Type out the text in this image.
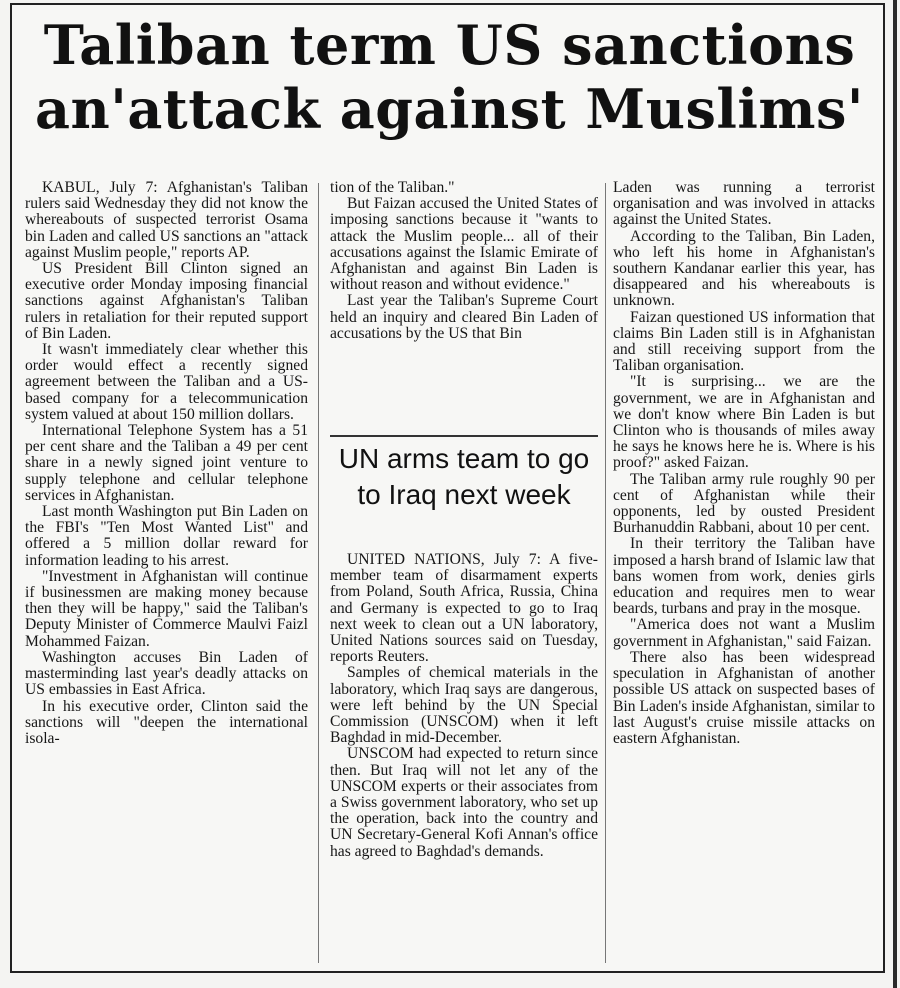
Taliban term US sanctions
an'attack against Muslims'

KABUL, July 7: Afghanistan's Taliban rulers said Wednesday they did not know the whereabouts of suspected terrorist Osama bin Laden and called US sanctions an "attack against Muslim people," reports AP.

US President Bill Clinton signed an executive order Monday imposing financial sanctions against Afghanistan's Taliban rulers in retaliation for their reputed support of Bin Laden.

It wasn't immediately clear whether this order would effect a recently signed agreement between the Taliban and a US-based company for a telecommunication system valued at about 150 million dollars.

International Telephone System has a 51 per cent share and the Taliban a 49 per cent share in a newly signed joint venture to supply telephone and cellular telephone services in Afghanistan.

Last month Washington put Bin Laden on the FBI's "Ten Most Wanted List" and offered a 5 million dollar reward for information leading to his arrest.

"Investment in Afghanistan will continue if businessmen are making money because then they will be happy," said the Taliban's Deputy Minister of Commerce Maulvi Faizl Mohammed Faizan.

Washington accuses Bin Laden of masterminding last year's deadly attacks on US embassies in East Africa.

In his executive order, Clinton said the sanctions will "deepen the international isola-

tion of the Taliban."

But Faizan accused the United States of imposing sanctions because it "wants to attack the Muslim people... all of their accusations against the Islamic Emirate of Afghanistan and against Bin Laden is without reason and without evidence."

Last year the Taliban's Supreme Court held an inquiry and cleared Bin Laden of accusations by the US that Bin

UN arms team to go to Iraq next week

UNITED NATIONS, July 7: A five-member team of disarmament experts from Poland, South Africa, Russia, China and Germany is expected to go to Iraq next week to clean out a UN laboratory, United Nations sources said on Tuesday, reports Reuters.

Samples of chemical materials in the laboratory, which Iraq says are dangerous, were left behind by the UN Special Commission (UNSCOM) when it left Baghdad in mid-December.

UNSCOM had expected to return since then. But Iraq will not let any of the UNSCOM experts or their associates from a Swiss government laboratory, who set up the operation, back into the country and UN Secretary-General Kofi Annan's office has agreed to Baghdad's demands.

Laden was running a terrorist organisation and was involved in attacks against the United States.

According to the Taliban, Bin Laden, who left his home in Afghanistan's southern Kandanar earlier this year, has disappeared and his whereabouts is unknown.

Faizan questioned US information that claims Bin Laden still is in Afghanistan and still receiving support from the Taliban organisation.

"It is surprising... we are the government, we are in Afghanistan and we don't know where Bin Laden is but Clinton who is thousands of miles away he says he knows here he is. Where is his proof?" asked Faizan.

The Taliban army rule roughly 90 per cent of Afghanistan while their opponents, led by ousted President Burhanuddin Rabbani, about 10 per cent.

In their territory the Taliban have imposed a harsh brand of Islamic law that bans women from work, denies girls education and requires men to wear beards, turbans and pray in the mosque.

"America does not want a Muslim government in Afghanistan," said Faizan.

There also has been widespread speculation in Afghanistan of another possible US attack on suspected bases of Bin Laden's inside Afghanistan, similar to last August's cruise missile attacks on eastern Afghanistan.
